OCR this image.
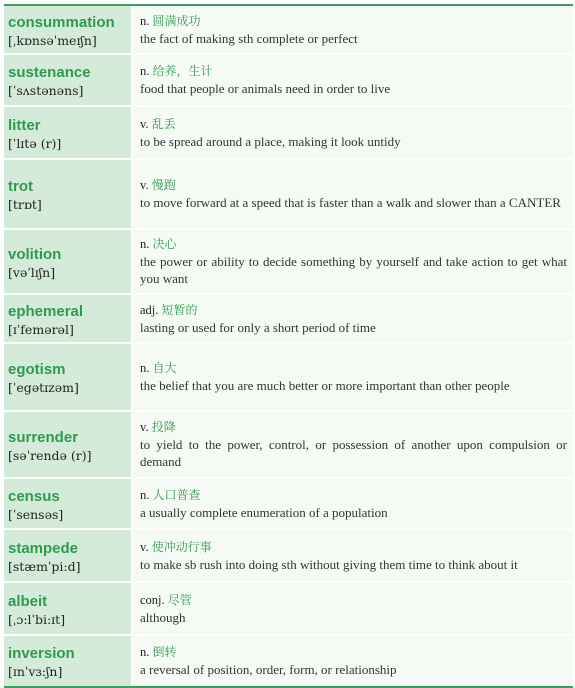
consummation
[ˌkɒnsəˈmeɪʃn]
n. 圆满成功
the fact of making sth complete or perfect
sustenance
[ˈsʌstənəns]
n. 给养，生计
food that people or animals need in order to live
litter
[ˈlɪtə (r)]
v. 乱丢
to be spread around a place, making it look untidy
trot
[trɒt]
v. 慢跑
to move forward at a speed that is faster than a walk and slower than a CANTER
volition
[vəˈlɪʃn]
n. 决心
the power or ability to decide something by yourself and take action to get what you want
ephemeral
[ɪˈfemərəl]
adj. 短暂的
lasting or used for only a short period of time
egotism
[ˈegətɪzəm]
n. 自大
the belief that you are much better or more important than other people
surrender
[səˈrendə (r)]
v. 投降
to yield to the power, control, or possession of another upon compulsion or demand
census
[ˈsensəs]
n. 人口普查
a usually complete enumeration of a population
stampede
[stæmˈpi:d]
v. 使冲动行事
to make sb rush into doing sth without giving them time to think about it
albeit
[ˌɔ:lˈbi:ɪt]
conj. 尽管
although
inversion
[ɪnˈvɜ:ʃn]
n. 倒转
a reversal of position, order, form, or relationship
